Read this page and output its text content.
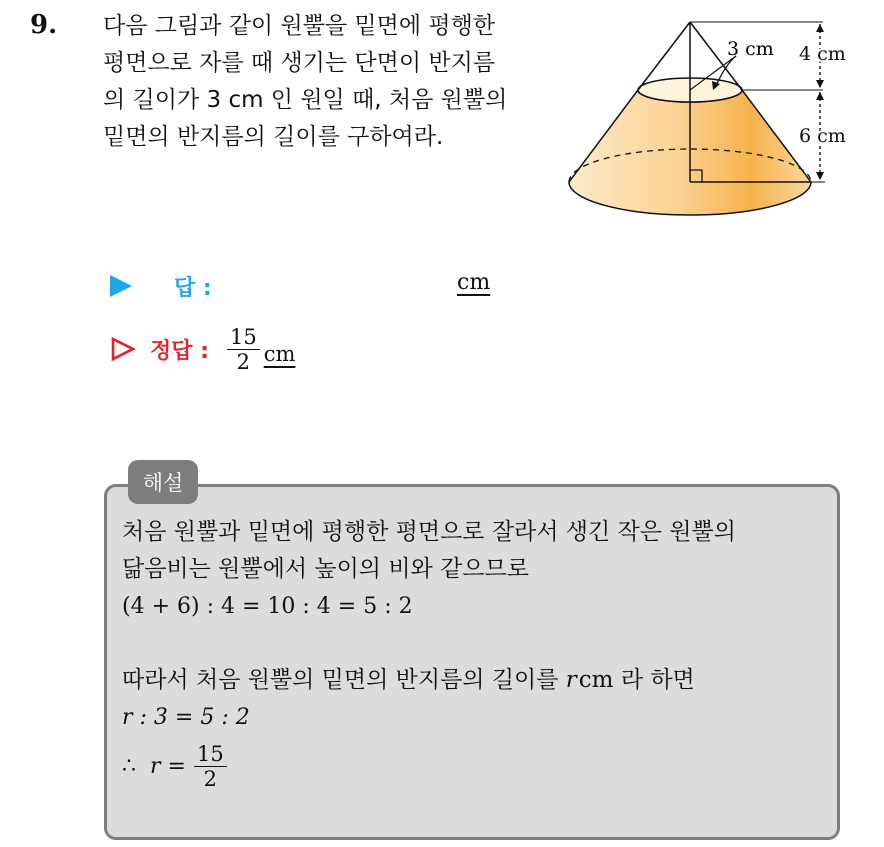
9. 다음 그림과 같이 원뿔을 밑면에 평행한

평면으로 자를 때 생기는 단면이 반지름

의 길이가 3 cm 인 원일 때, 처음 원뿔의

밑면의 반지름의 길이를 구하여라.

3 cm 4 cm
6 cm
답 :	cm
정답 : $\frac{15}{2}$ cm
해설
처음 원뿔과 밑면에 평행한 평면으로 잘라서 생긴 작은 원뿔의
닮음비는 원뿔에서 높이의 비와 같으므로
(4 + 6) : 4 = 10 : 4 = 5 : 2
따라서 처음 원뿔의 밑면의 반지름의 길이를 rcm 라 하면
r : 3 = 5 : 2
∴ $r = \frac{15}{2}$
